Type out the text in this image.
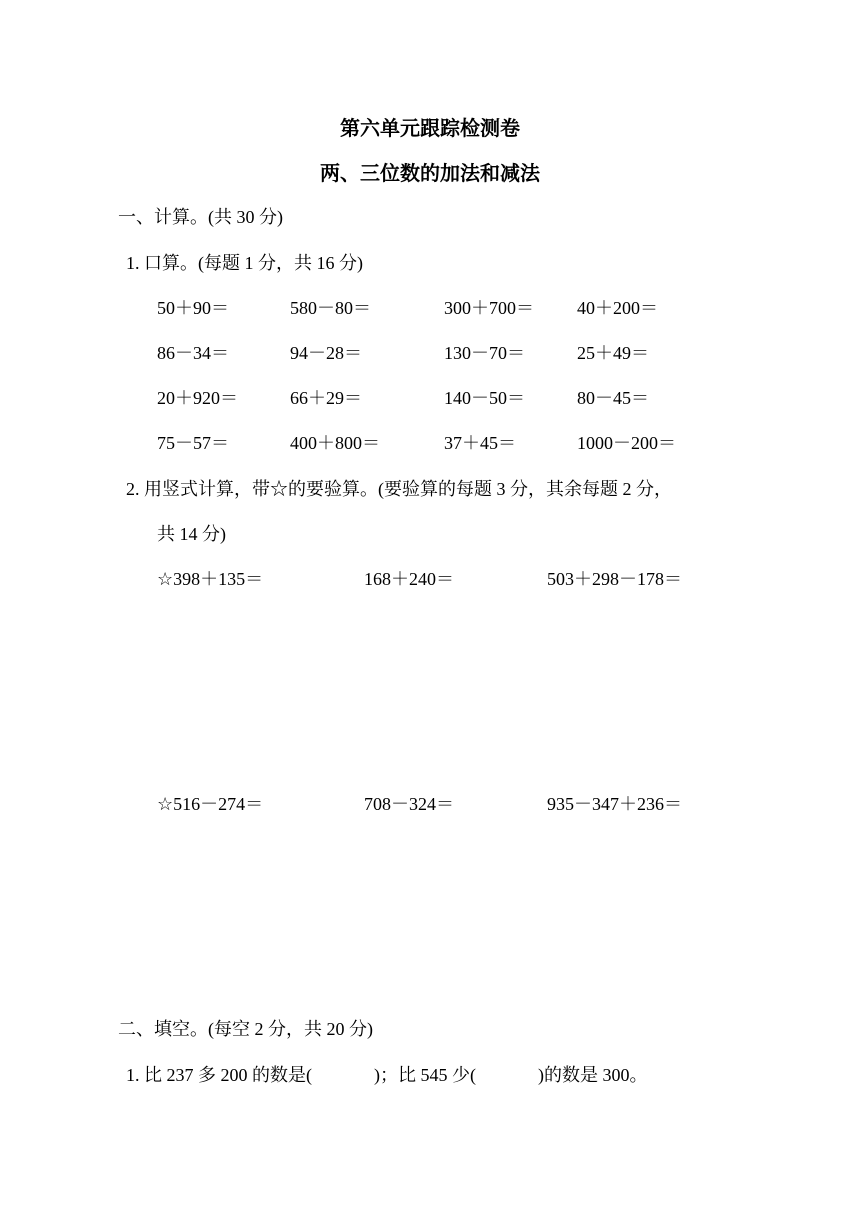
第六单元跟踪检测卷
两、三位数的加法和减法
一、计算。(共 30 分)
1. 口算。(每题 1 分，共 16 分)
50＋90＝	580－80＝	300＋700＝ 40＋200＝
86－34＝	94－28＝	130－70＝	25＋49＝
20＋920＝	66＋29＝	140－50＝	80－45＝
75－57＝	400＋800＝	37＋45＝	1000－200＝
2. 用竖式计算，带☆的要验算。(要验算的每题 3 分，其余每题 2 分，
共 14 分)
☆398＋135＝	168＋240＝	503＋298－178＝
☆516－274＝	708－324＝	935－347＋236＝
二、填空。(每空 2 分，共 20 分)
1. 比 237 多 200 的数是(	)；比 545 少(	)的数是 300。
